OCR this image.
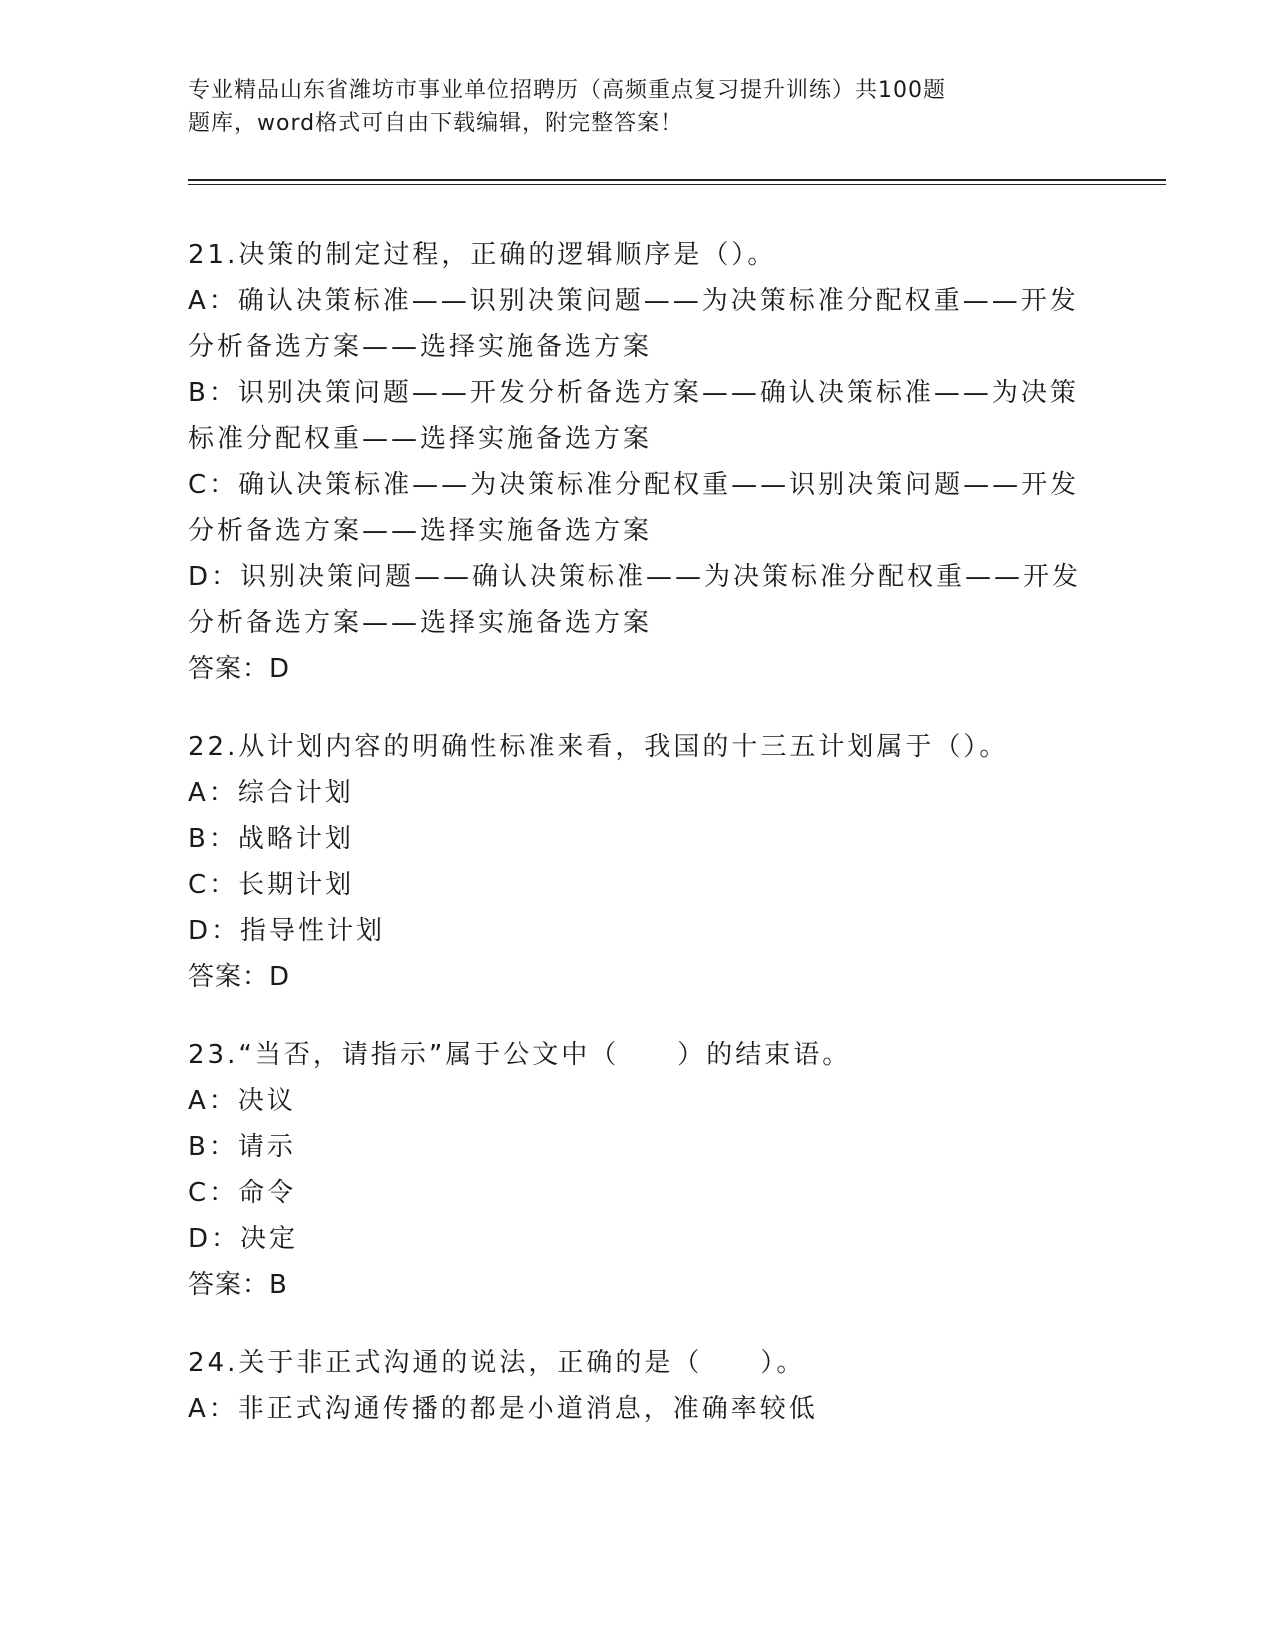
专业精品山东省潍坊市事业单位招聘历（高频重点复习提升训练）共100题
题库，word格式可自由下载编辑，附完整答案！
21.决策的制定过程，正确的逻辑顺序是（）。
A：确认决策标准——识别决策问题——为决策标准分配权重——开发分析备选方案——选择实施备选方案
B：识别决策问题——开发分析备选方案——确认决策标准——为决策标准分配权重——选择实施备选方案
C：确认决策标准——为决策标准分配权重——识别决策问题——开发分析备选方案——选择实施备选方案
D：识别决策问题——确认决策标准——为决策标准分配权重——开发分析备选方案——选择实施备选方案
答案：D
22.从计划内容的明确性标准来看，我国的十三五计划属于（）。
A：综合计划
B：战略计划
C：长期计划
D：指导性计划
答案：D
23.“当否，请指示”属于公文中（　　）的结束语。
A：决议
B：请示
C：命令
D：决定
答案：B
24.关于非正式沟通的说法，正确的是（　　）。
A：非正式沟通传播的都是小道消息，准确率较低
